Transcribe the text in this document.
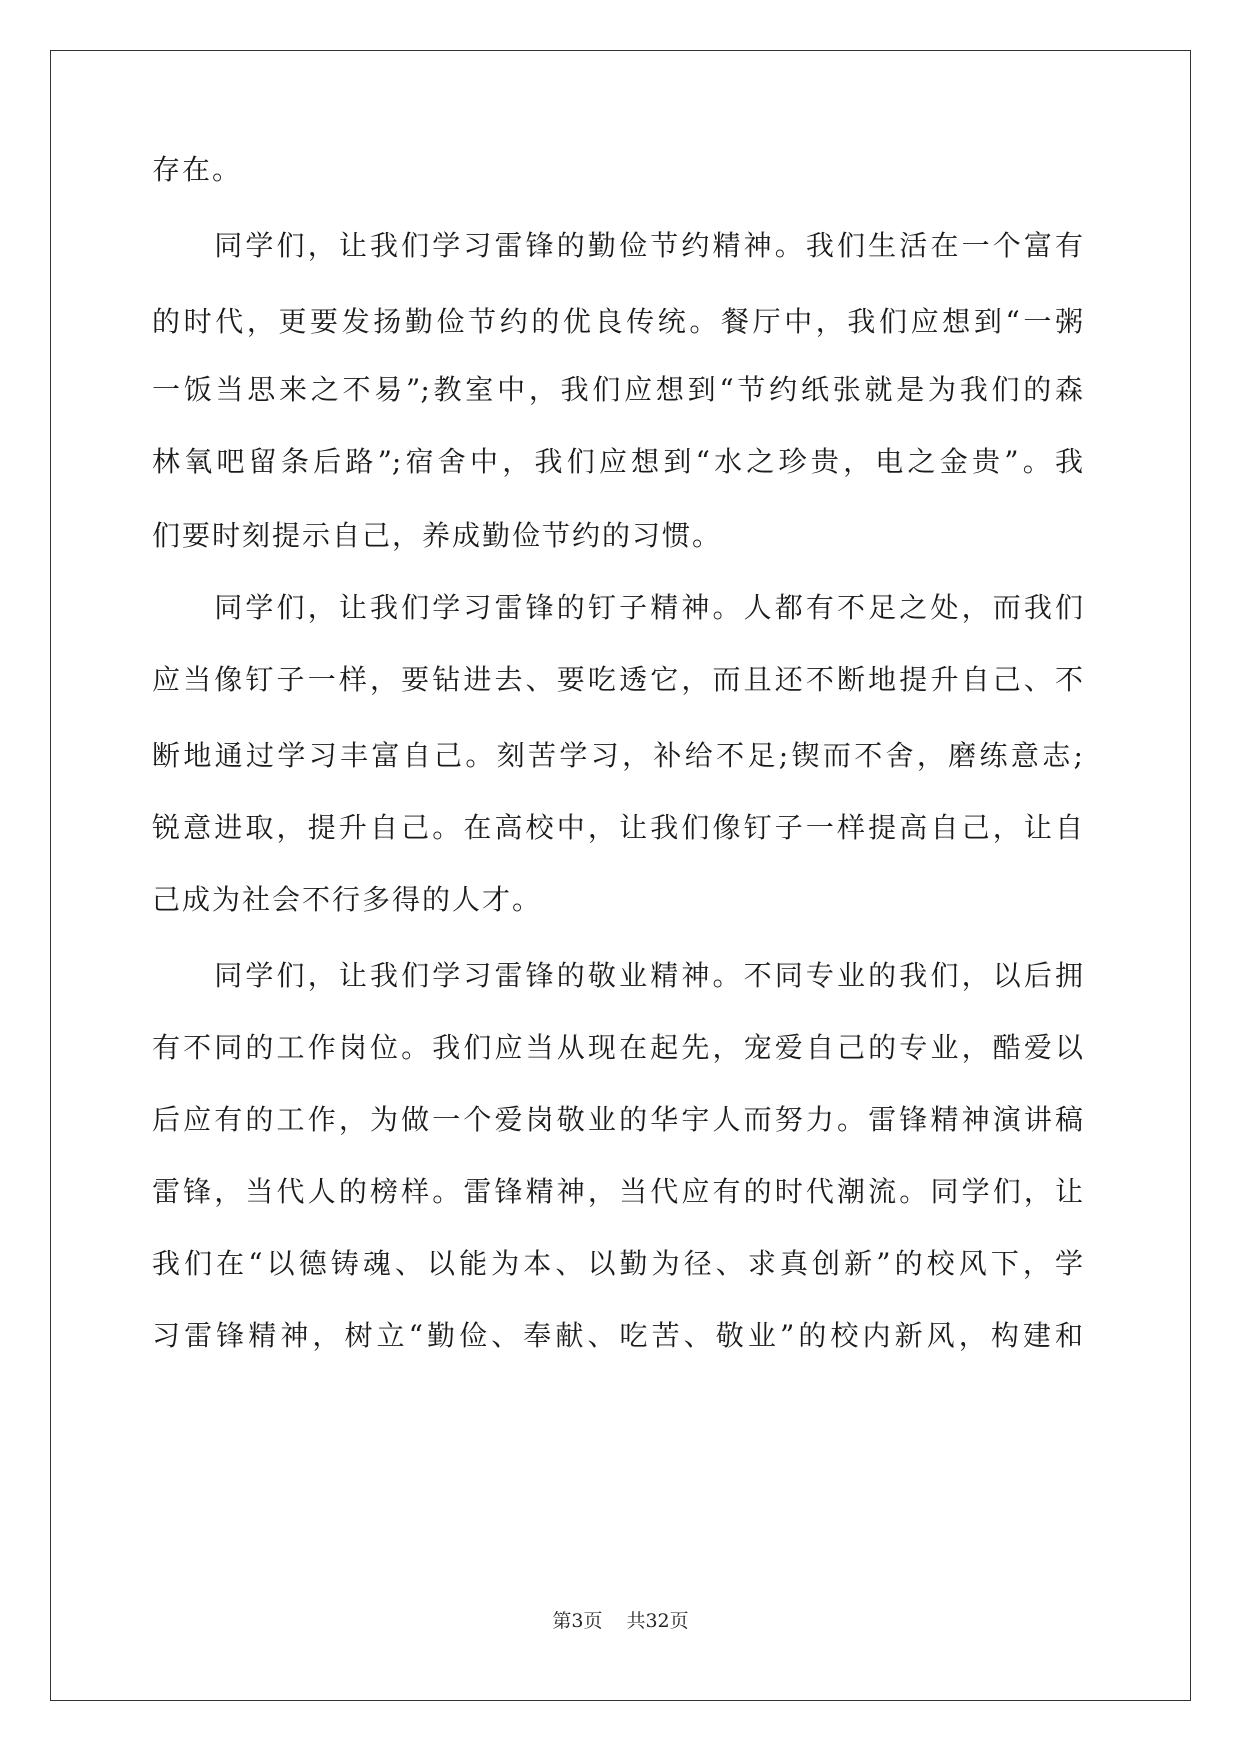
存在。
　　同学们，让我们学习雷锋的勤俭节约精神。我们生活在一个富有
的时代，更要发扬勤俭节约的优良传统。餐厅中，我们应想到“一粥
一饭当思来之不易”;教室中，我们应想到“节约纸张就是为我们的森
林氧吧留条后路”;宿舍中，我们应想到“水之珍贵，电之金贵”。我
们要时刻提示自己，养成勤俭节约的习惯。
　　同学们，让我们学习雷锋的钉子精神。人都有不足之处，而我们
应当像钉子一样，要钻进去、要吃透它，而且还不断地提升自己、不
断地通过学习丰富自己。刻苦学习，补给不足;锲而不舍，磨练意志;
锐意进取，提升自己。在高校中，让我们像钉子一样提高自己，让自
己成为社会不行多得的人才。
　　同学们，让我们学习雷锋的敬业精神。不同专业的我们，以后拥
有不同的工作岗位。我们应当从现在起先，宠爱自己的专业，酷爱以
后应有的工作，为做一个爱岗敬业的华宇人而努力。雷锋精神演讲稿
雷锋，当代人的榜样。雷锋精神，当代应有的时代潮流。同学们，让
我们在“以德铸魂、以能为本、以勤为径、求真创新”的校风下，学
习雷锋精神，树立“勤俭、奉献、吃苦、敬业”的校内新风，构建和
第3页 共32页
